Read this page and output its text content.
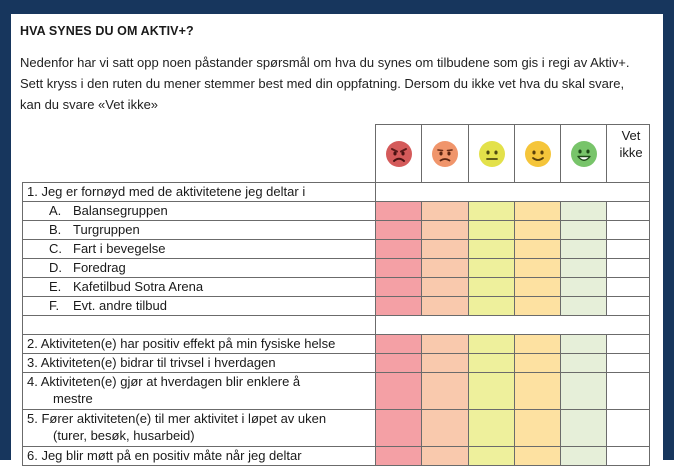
HVA SYNES DU OM AKTIV+?
Nedenfor har vi satt opp noen påstander spørsmål om hva du synes om tilbudene som gis i regi av Aktiv+. Sett kryss i den ruten du mener stemmer best med din oppfatning. Dersom du ikke vet hva du skal svare, kan du svare «Vet ikke»

	Vet
ikke
1. Jeg er fornøyd med de aktivitetene jeg deltar i						
A. Balansegruppen						
B. Turgruppen						
C. Fart i bevegelse						
D. Foredrag						
E. Kafetilbud Sotra Arena						
F. Evt. andre tilbud						

2. Aktiviteten(e) har positiv effekt på min fysiske helse						
3. Aktiviteten(e) bidrar til trivsel i hverdagen						
4. Aktiviteten(e) gjør at hverdagen blir enklere å
mestre						

5. Fører aktiviteten(e) til mer aktivitet i løpet av uken
(turer, besøk, husarbeid)						

6. Jeg blir møtt på en positiv måte når jeg deltar						
